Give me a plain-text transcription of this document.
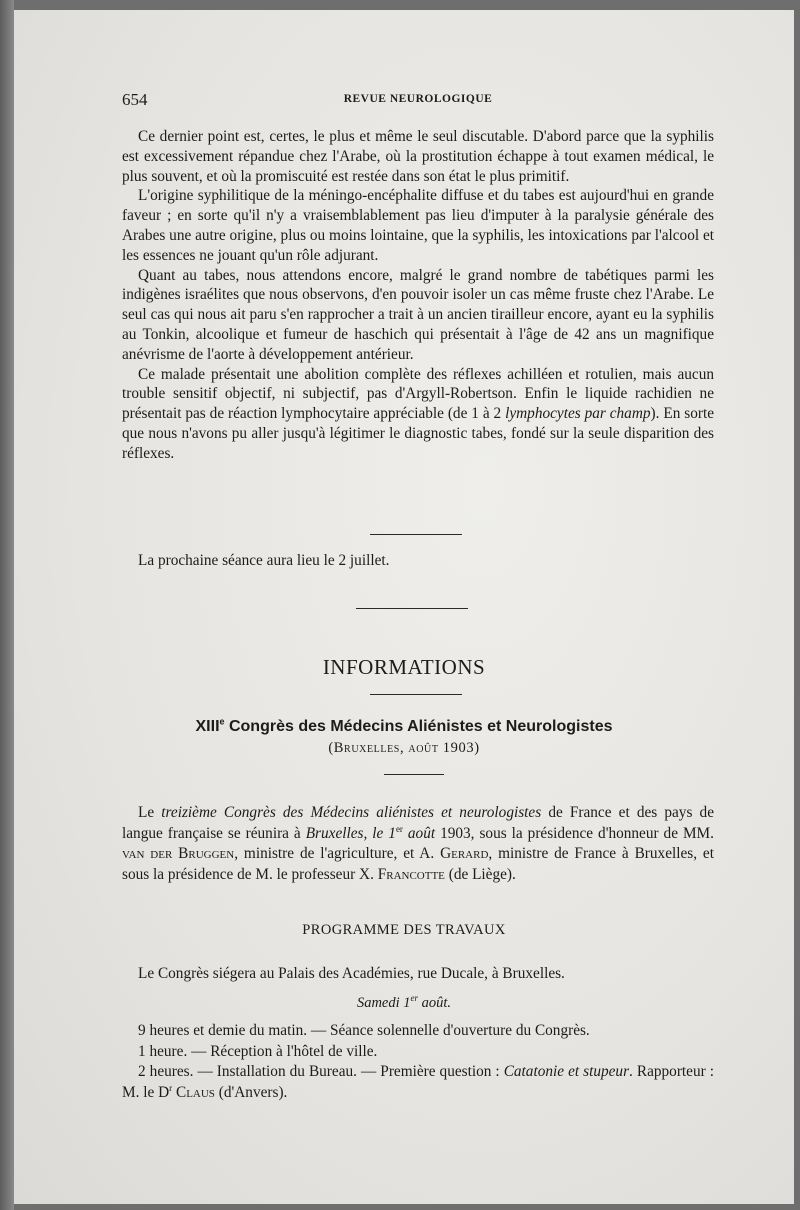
654	REVUE NEUROLOGIQUE

Ce dernier point est, certes, le plus et même le seul discutable. D'abord parce que la syphilis est excessivement répandue chez l'Arabe, où la prostitution échappe à tout examen médical, le plus souvent, et où la promiscuité est restée dans son état le plus primitif.

L'origine syphilitique de la méningo-encéphalite diffuse et du tabes est aujourd'hui en grande faveur ; en sorte qu'il n'y a vraisemblablement pas lieu d'imputer à la paralysie générale des Arabes une autre origine, plus ou moins lointaine, que la syphilis, les intoxications par l'alcool et les essences ne jouant qu'un rôle adjurant.

Quant au tabes, nous attendons encore, malgré le grand nombre de tabétiques parmi les indigènes israélites que nous observons, d'en pouvoir isoler un cas même fruste chez l'Arabe. Le seul cas qui nous ait paru s'en rapprocher a trait à un ancien tirailleur encore, ayant eu la syphilis au Tonkin, alcoolique et fumeur de haschich qui présentait à l'âge de 42 ans un magnifique anévrisme de l'aorte à développement antérieur.

Ce malade présentait une abolition complète des réflexes achilléen et rotulien, mais aucun trouble sensitif objectif, ni subjectif, pas d'Argyll-Robertson. Enfin le liquide rachidien ne présentait pas de réaction lymphocytaire appréciable (de 1 à 2 lymphocytes par champ). En sorte que nous n'avons pu aller jusqu'à légitimer le diagnostic tabes, fondé sur la seule disparition des réflexes.

La prochaine séance aura lieu le 2 juillet.
INFORMATIONS
XIIIe Congrès des Médecins Aliénistes et Neurologistes
(Bruxelles, août 1903)

Le treizième Congrès des Médecins aliénistes et neurologistes de France et des pays de langue française se réunira à Bruxelles, le 1er août 1903, sous la présidence d'honneur de MM. van der Bruggen, ministre de l'agriculture, et A. Gerard, ministre de France à Bruxelles, et sous la présidence de M. le professeur X. Francotte (de Liège).

PROGRAMME DES TRAVAUX
Le Congrès siégera au Palais des Académies, rue Ducale, à Bruxelles.
Samedi 1er août.

9 heures et demie du matin. — Séance solennelle d'ouverture du Congrès.

1 heure. — Réception à l'hôtel de ville.

2 heures. — Installation du Bureau. — Première question : Catatonie et stupeur. Rapporteur : M. le $D^r$ Claus (d'Anvers).
